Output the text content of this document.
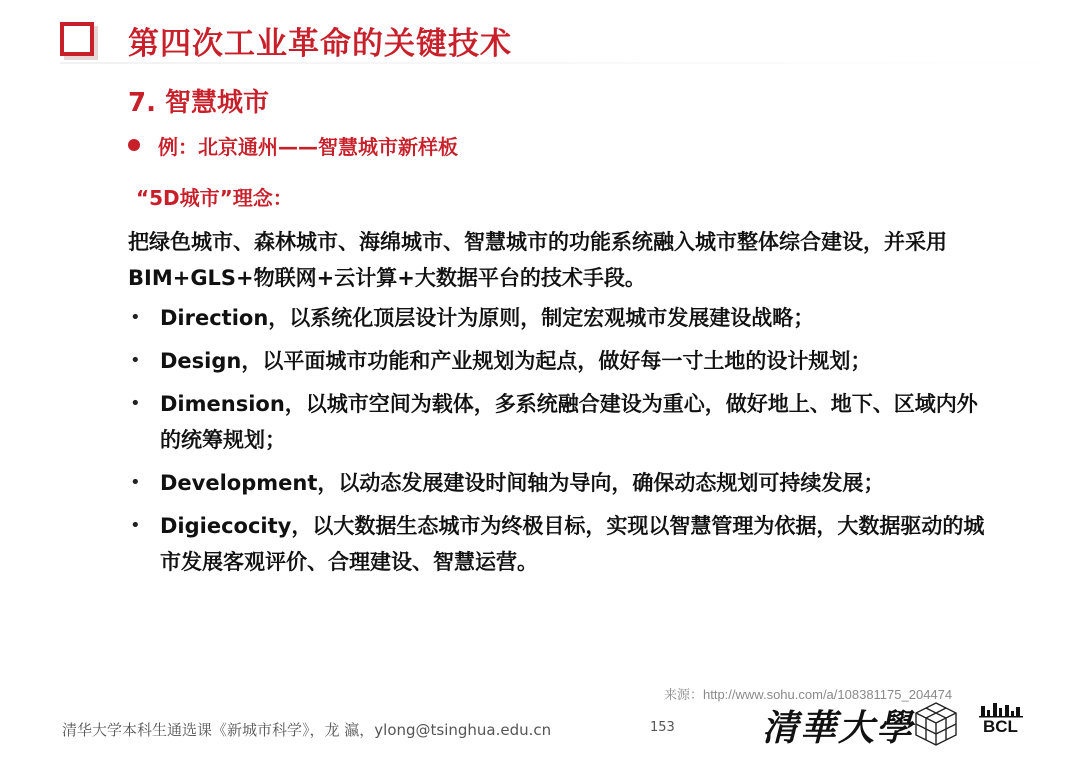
第四次工业革命的关键技术
7. 智慧城市
例：北京通州——智慧城市新样板
“5D城市”理念：

把绿色城市、森林城市、海绵城市、智慧城市的功能系统融入城市整体综合建设，并采用BIM+GLS+物联网+云计算+大数据平台的技术手段。

• Direction，以系统化顶层设计为原则，制定宏观城市发展建设战略；
• Design，以平面城市功能和产业规划为起点，做好每一寸土地的设计规划；
• Dimension，以城市空间为载体，多系统融合建设为重心，做好地上、地下、区域内外的统筹规划；
• Development，以动态发展建设时间轴为导向，确保动态规划可持续发展；
• Digiecocity，以大数据生态城市为终极目标，实现以智慧管理为依据，大数据驱动的城市发展客观评价、合理建设、智慧运营。
来源：http://www.sohu.com/a/108381175_204474
清华大学本科生通选课《新城市科学》，龙 瀛，ylong@tsinghua.edu.cn	153 清華大學	BCL
